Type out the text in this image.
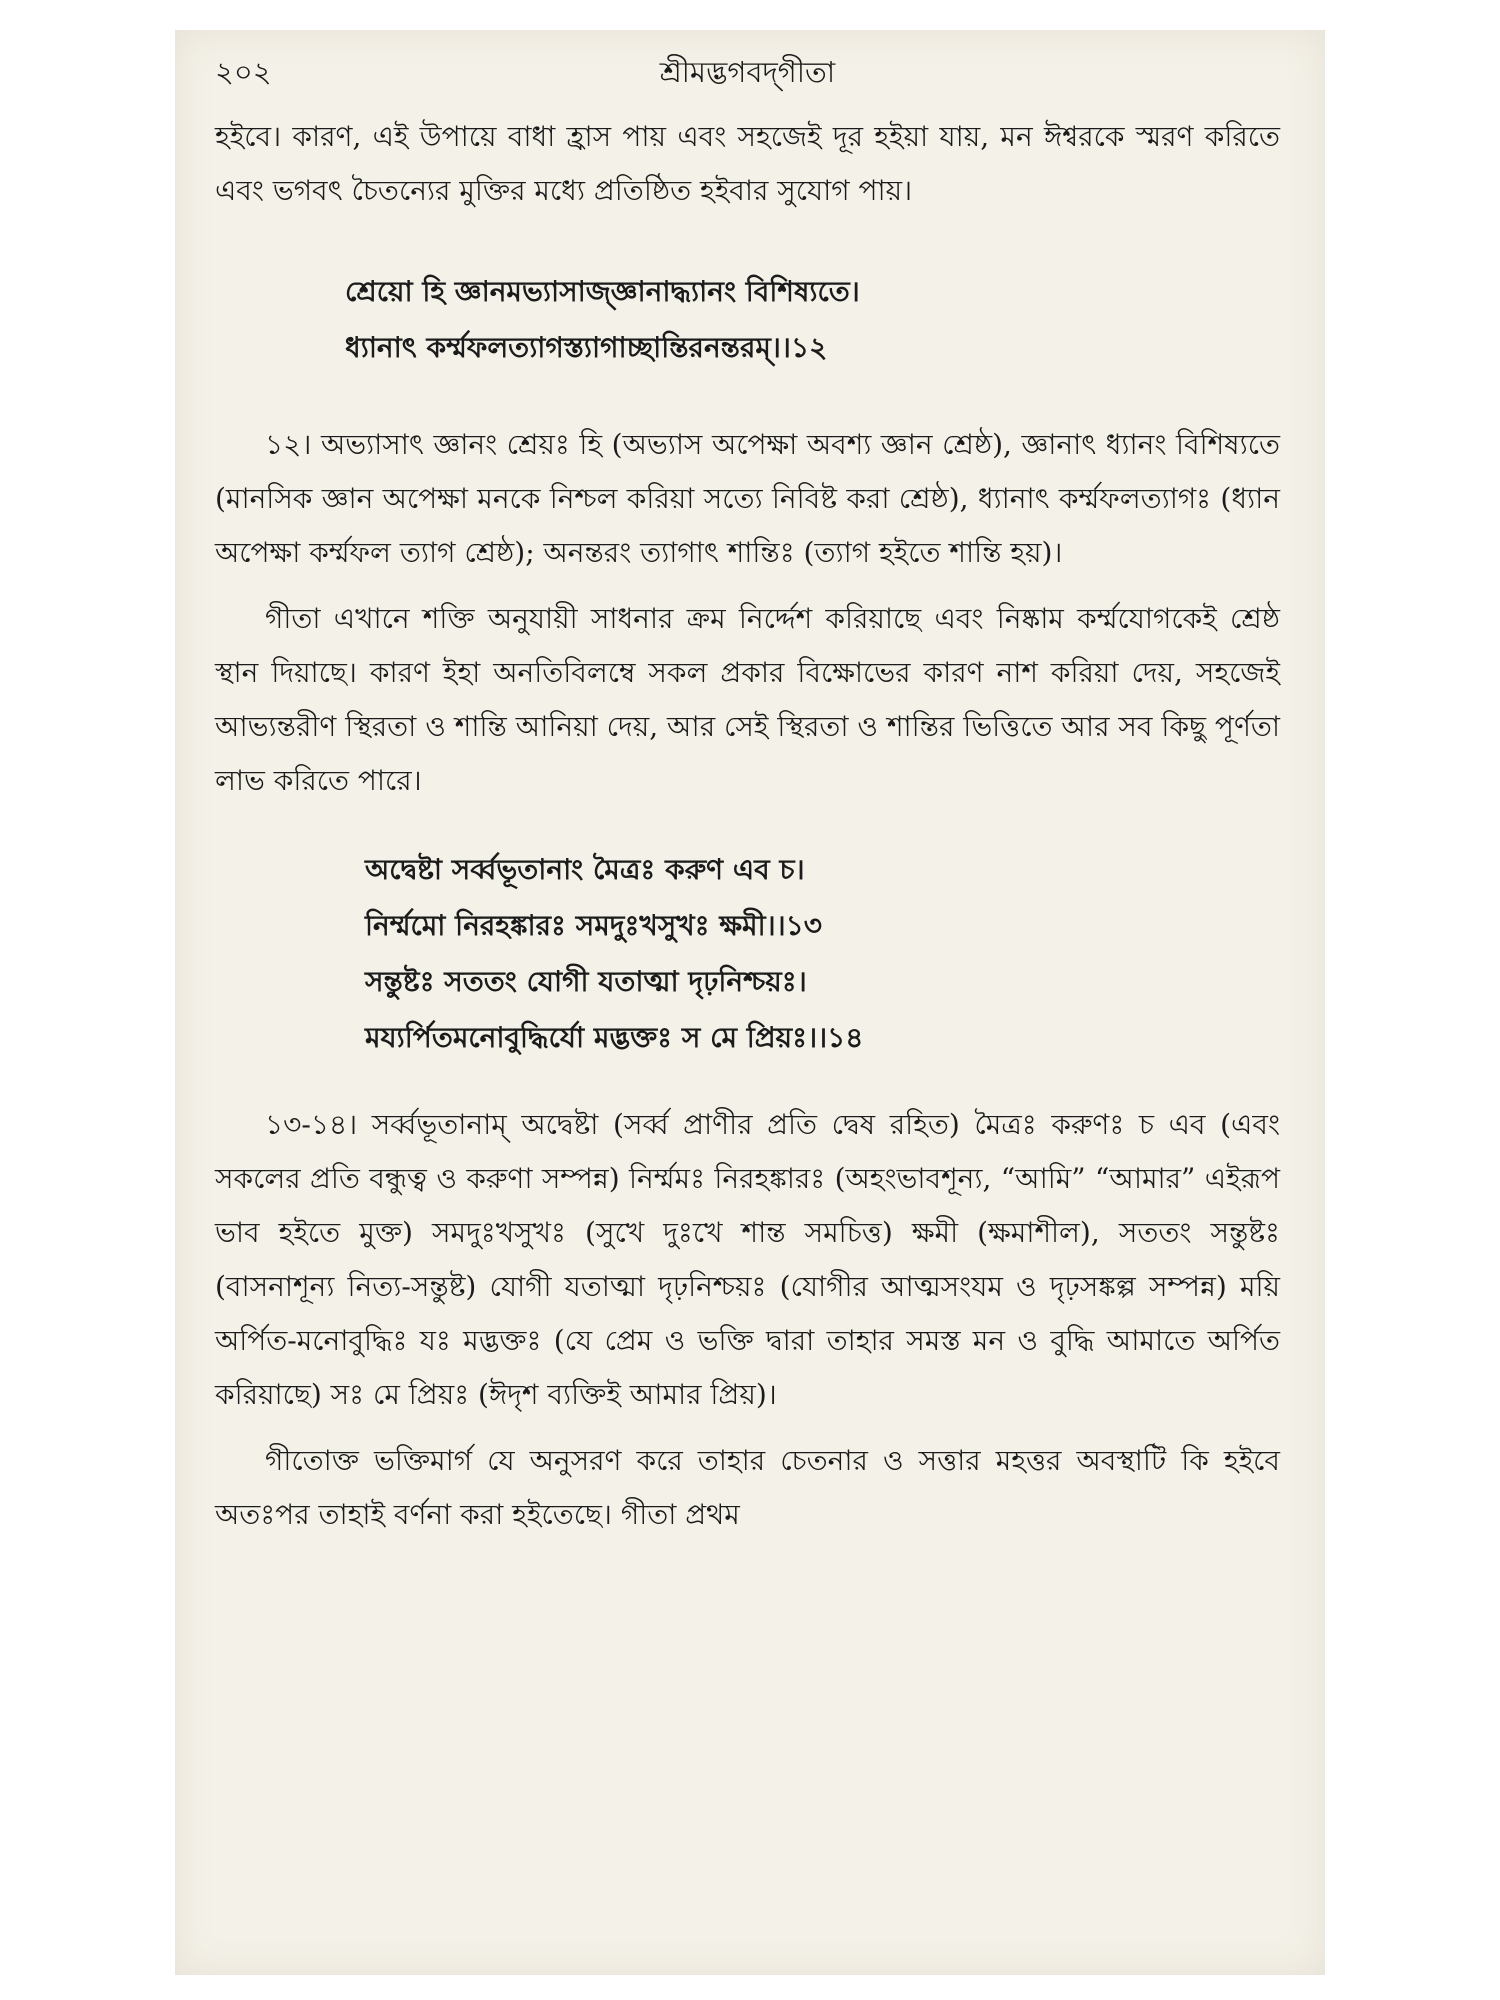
২০২	শ্রীমদ্ভগবদ্‌গীতা

হইবে। কারণ, এই উপায়ে বাধা হ্রাস পায় এবং সহজেই দূর হইয়া যায়, মন ঈশ্বরকে স্মরণ করিতে এবং ভগবৎ চৈতন্যের মুক্তির মধ্যে প্রতিষ্ঠিত হইবার সুযোগ পায়।

শ্রেয়ো হি জ্ঞানমভ্যাসাজ্‌জ্ঞানাদ্ধ্যানং বিশিষ্যতে।
ধ্যানাৎ কর্ম্মফলত্যাগস্ত্যাগাচ্ছান্তিরনন্তরম্‌।।১২

১২। অভ্যাসাৎ জ্ঞানং শ্রেয়ঃ হি (অভ্যাস অপেক্ষা অবশ্য জ্ঞান শ্রেষ্ঠ), জ্ঞানাৎ ধ্যানং বিশিষ্যতে (মানসিক জ্ঞান অপেক্ষা মনকে নিশ্চল করিয়া সত্যে নিবিষ্ট করা শ্রেষ্ঠ), ধ্যানাৎ কর্ম্মফলত্যাগঃ (ধ্যান অপেক্ষা কর্ম্মফল ত্যাগ শ্রেষ্ঠ); অনন্তরং ত্যাগাৎ শান্তিঃ (ত্যাগ হইতে শান্তি হয়)।

গীতা এখানে শক্তি অনুযায়ী সাধনার ক্রম নির্দ্দেশ করিয়াছে এবং নিষ্কাম কর্ম্মযোগকেই শ্রেষ্ঠ স্থান দিয়াছে। কারণ ইহা অনতিবিলম্বে সকল প্রকার বিক্ষোভের কারণ নাশ করিয়া দেয়, সহজেই আভ্যন্তরীণ স্থিরতা ও শান্তি আনিয়া দেয়, আর সেই স্থিরতা ও শান্তির ভিত্তিতে আর সব কিছু পূর্ণতা লাভ করিতে পারে।

অদ্বেষ্টা সর্ব্বভূতানাং মৈত্রঃ করুণ এব চ।
নির্ম্মমো নিরহঙ্কারঃ সমদুঃখসুখঃ ক্ষমী।।১৩
সন্তুষ্টঃ সততং যোগী যতাত্মা দৃঢ়নিশ্চয়ঃ।
ময্যর্পিতমনোবুদ্ধির্যো মদ্ভক্তঃ স মে প্রিয়ঃ।।১৪

১৩-১৪। সর্ব্বভূতানাম্‌ অদ্বেষ্টা (সর্ব্ব প্রাণীর প্রতি দ্বেষ রহিত) মৈত্রঃ করুণঃ চ এব (এবং সকলের প্রতি বন্ধুত্ব ও করুণা সম্পন্ন) নির্ম্মমঃ নিরহঙ্কারঃ (অহংভাবশূন্য, “আমি” “আমার” এইরূপ ভাব হইতে মুক্ত) সমদুঃখসুখঃ (সুখে দুঃখে শান্ত সমচিত্ত) ক্ষমী (ক্ষমাশীল), সততং সন্তুষ্টঃ (বাসনাশূন্য নিত্য-সন্তুষ্ট) যোগী যতাত্মা দৃঢ়নিশ্চয়ঃ (যোগীর আত্মসংযম ও দৃঢ়সঙ্কল্প সম্পন্ন) ময়ি অর্পিত-মনোবুদ্ধিঃ যঃ মদ্ভক্তঃ (যে প্রেম ও ভক্তি দ্বারা তাহার সমস্ত মন ও বুদ্ধি আমাতে অর্পিত করিয়াছে) সঃ মে প্রিয়ঃ (ঈদৃশ ব্যক্তিই আমার প্রিয়)।

গীতোক্ত ভক্তিমার্গ যে অনুসরণ করে তাহার চেতনার ও সত্তার মহত্তর অবস্থাটি কি হইবে অতঃপর তাহাই বর্ণনা করা হইতেছে। গীতা প্রথম
